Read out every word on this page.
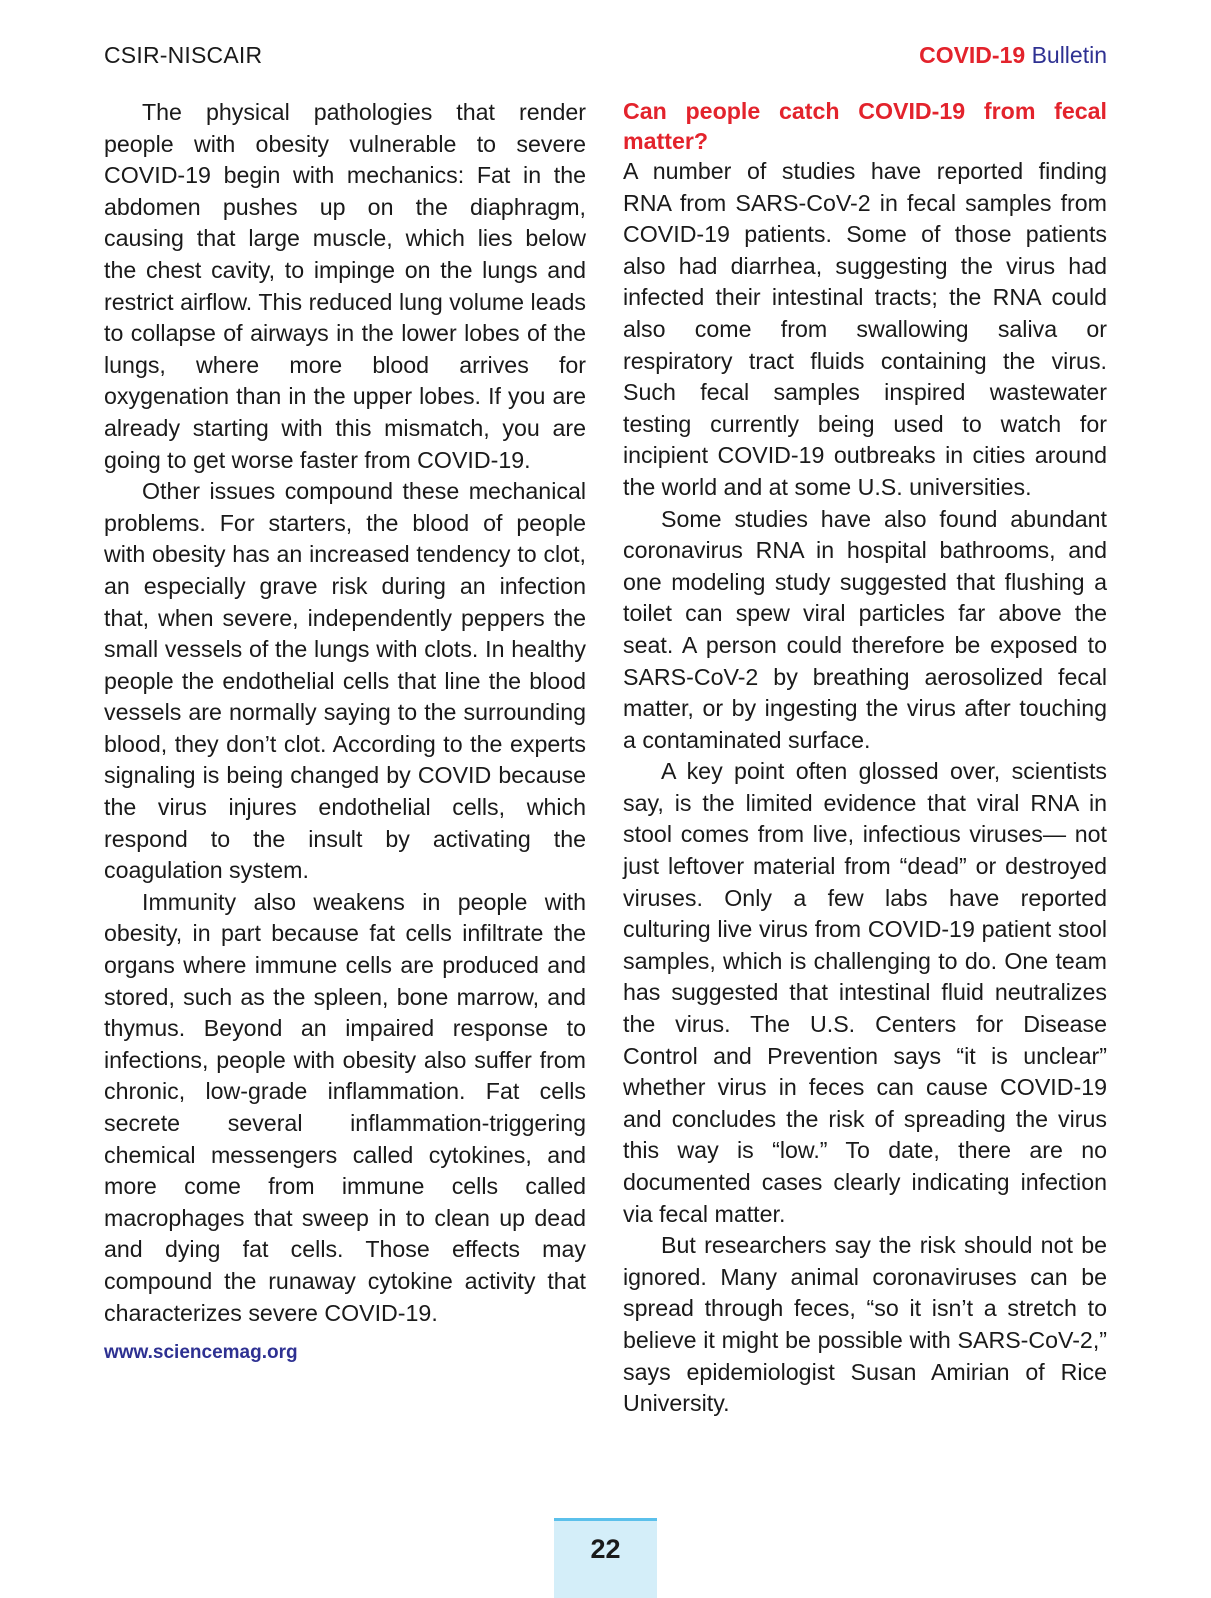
CSIR-NISCAIR	COVID-19 Bulletin

The physical pathologies that render people with obesity vulnerable to severe COVID-19 begin with mechanics: Fat in the abdomen pushes up on the diaphragm, causing that large muscle, which lies below the chest cavity, to impinge on the lungs and restrict airflow. This reduced lung volume leads to collapse of airways in the lower lobes of the lungs, where more blood arrives for oxygenation than in the upper lobes. If you are already starting with this mismatch, you are going to get worse faster from COVID-19.

Other issues compound these mechanical problems. For starters, the blood of people with obesity has an increased tendency to clot, an especially grave risk during an infection that, when severe, independently peppers the small vessels of the lungs with clots. In healthy people the endothelial cells that line the blood vessels are normally saying to the surrounding blood, they don’t clot. According to the experts signaling is being changed by COVID because the virus injures endothelial cells, which respond to the insult by activating the coagulation system.

Immunity also weakens in people with obesity, in part because fat cells infiltrate the organs where immune cells are produced and stored, such as the spleen, bone marrow, and thymus. Beyond an impaired response to infections, people with obesity also suffer from chronic, low-grade inflammation. Fat cells secrete several inflammation-triggering chemical messengers called cytokines, and more come from immune cells called macrophages that sweep in to clean up dead and dying fat cells. Those effects may compound the runaway cytokine activity that characterizes severe COVID-19.

www.sciencemag.org
Can people catch COVID-19 from fecal matter?

A number of studies have reported finding RNA from SARS-CoV-2 in fecal samples from COVID-19 patients. Some of those patients also had diarrhea, suggesting the virus had infected their intestinal tracts; the RNA could also come from swallowing saliva or respiratory tract fluids containing the virus. Such fecal samples inspired wastewater testing currently being used to watch for incipient COVID-19 outbreaks in cities around the world and at some U.S. universities.

Some studies have also found abundant coronavirus RNA in hospital bathrooms, and one modeling study suggested that flushing a toilet can spew viral particles far above the seat. A person could therefore be exposed to SARS-CoV-2 by breathing aerosolized fecal matter, or by ingesting the virus after touching a contaminated surface.

A key point often glossed over, scientists say, is the limited evidence that viral RNA in stool comes from live, infectious viruses— not just leftover material from “dead” or destroyed viruses. Only a few labs have reported culturing live virus from COVID-19 patient stool samples, which is challenging to do. One team has suggested that intestinal fluid neutralizes the virus. The U.S. Centers for Disease Control and Prevention says “it is unclear” whether virus in feces can cause COVID-19 and concludes the risk of spreading the virus this way is “low.” To date, there are no documented cases clearly indicating infection via fecal matter.

But researchers say the risk should not be ignored. Many animal coronaviruses can be spread through feces, “so it isn’t a stretch to believe it might be possible with SARS-CoV-2,” says epidemiologist Susan Amirian of Rice University.

22
